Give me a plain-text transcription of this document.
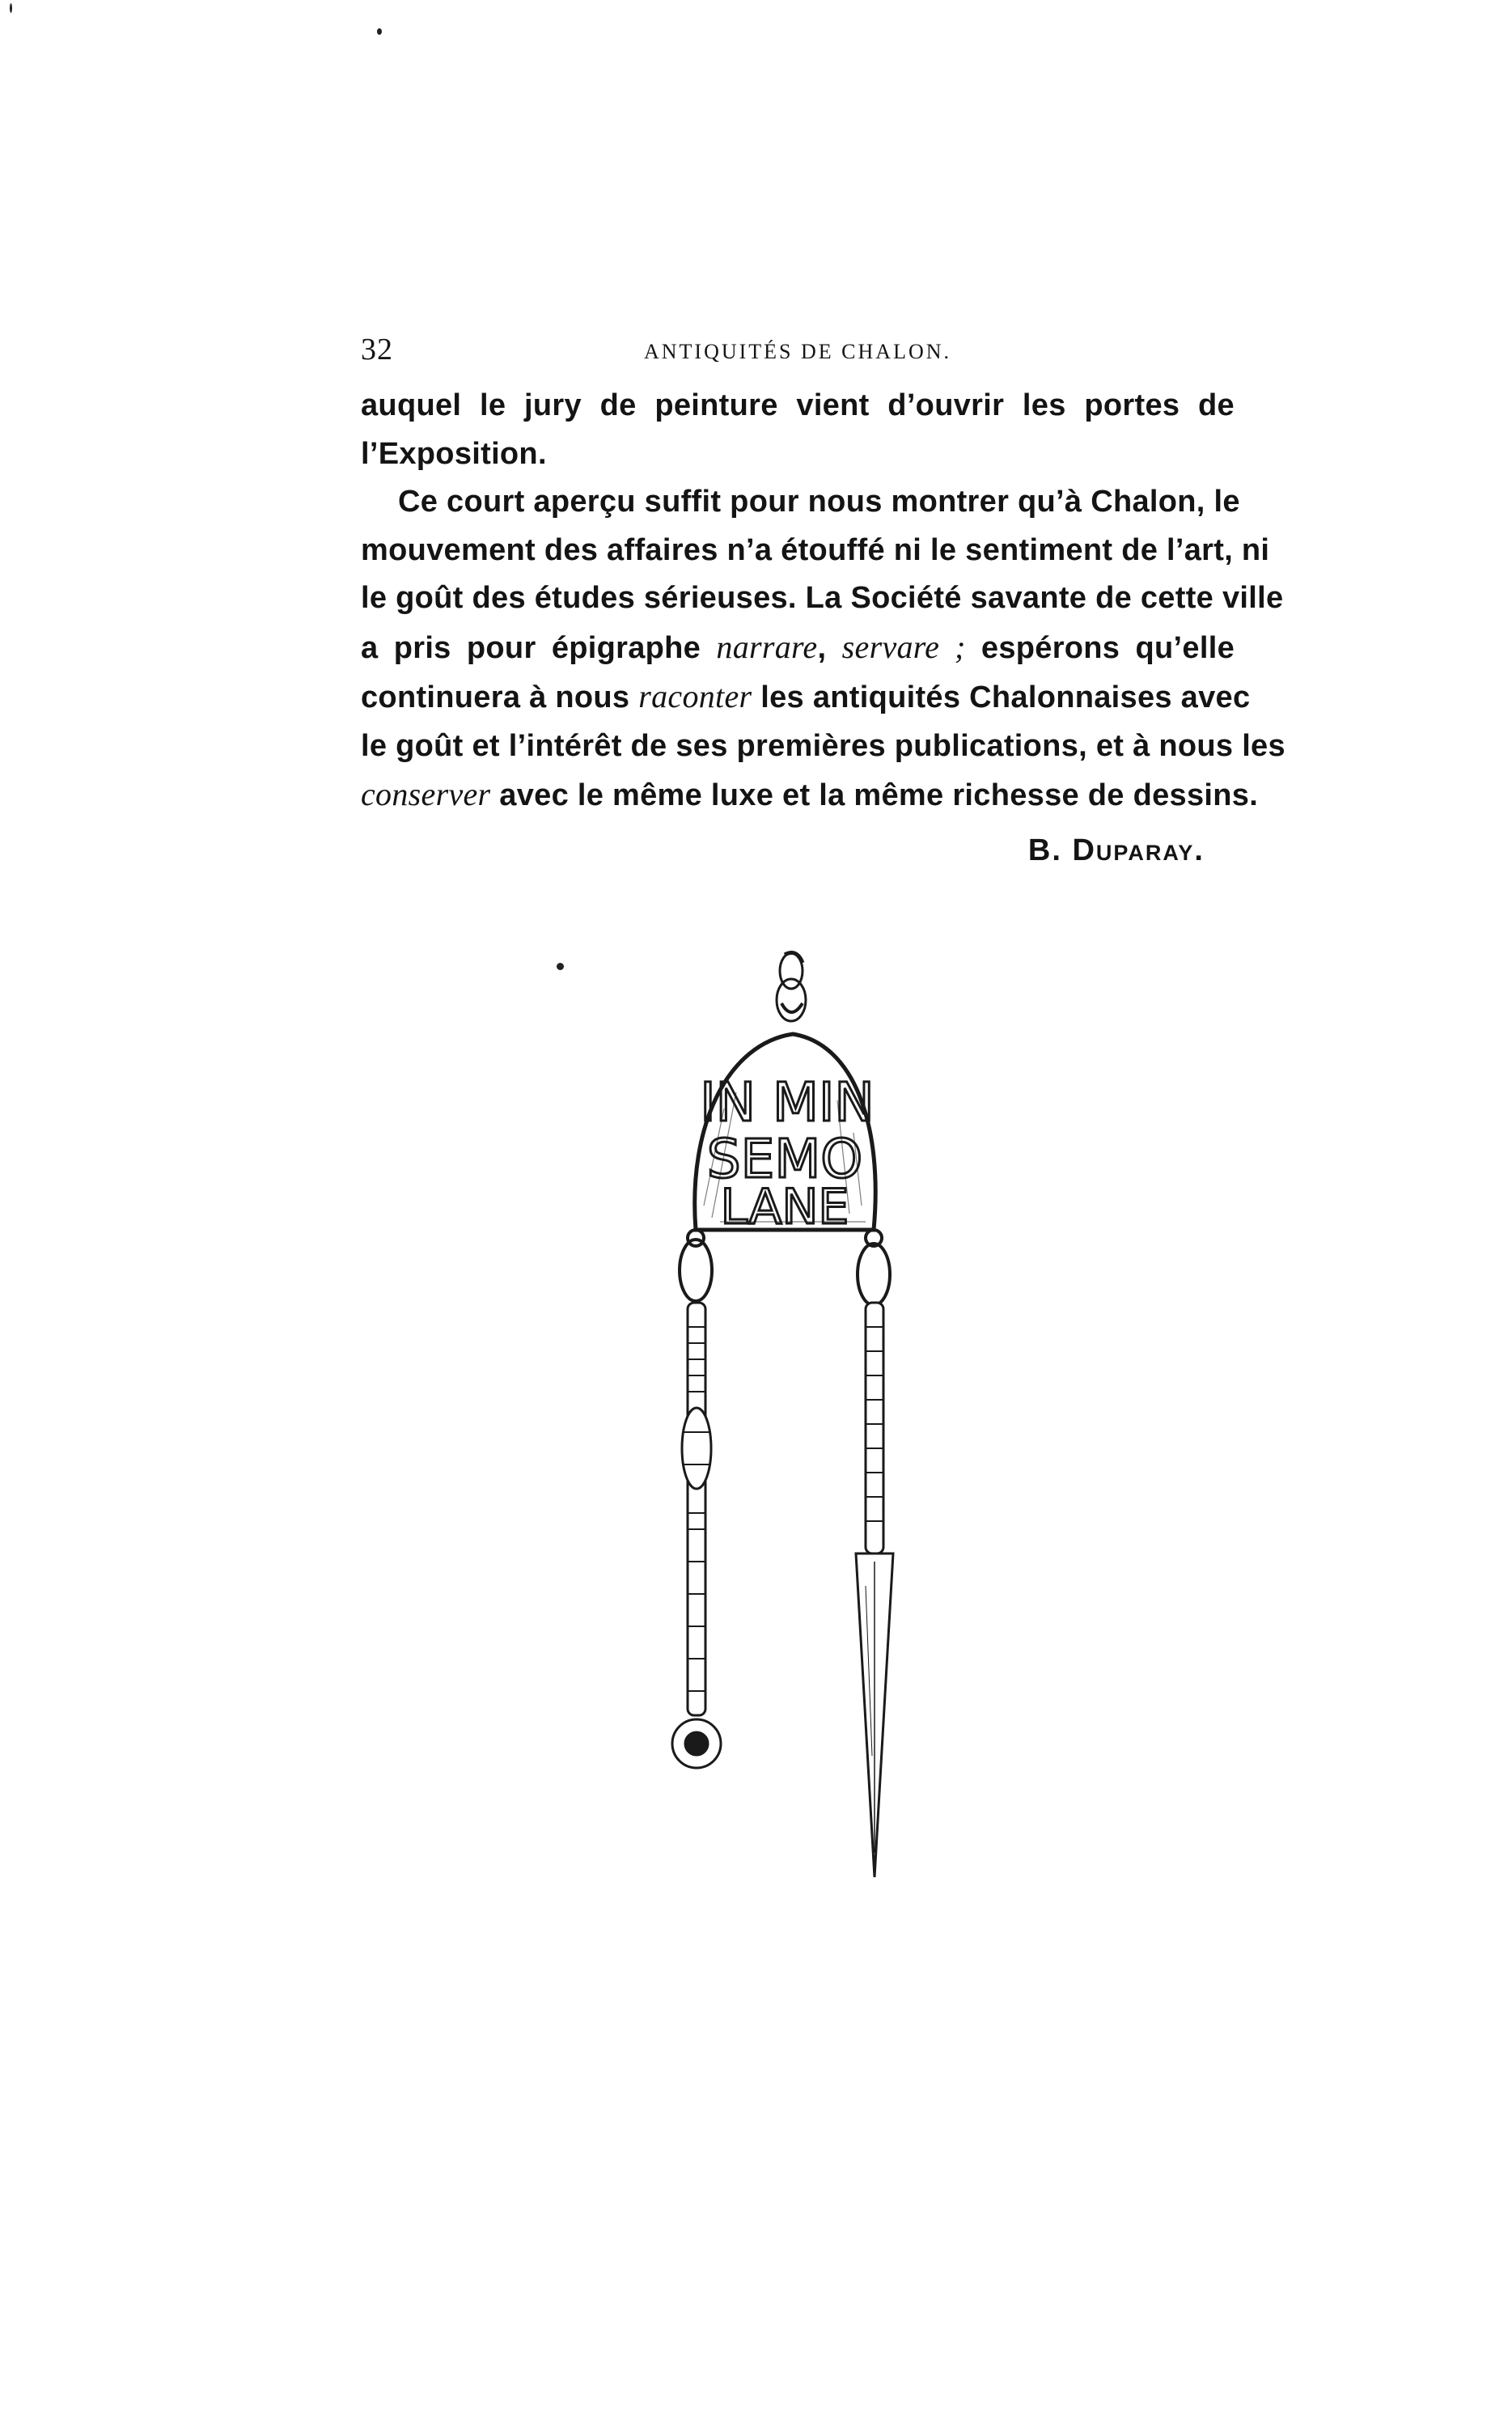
32	ANTIQUITÉS DE CHALON.
auquel le jury de peinture vient d’ouvrir les portes de
l’Exposition.
Ce court aperçu suffit pour nous montrer qu’à Chalon, le
mouvement des affaires n’a étouffé ni le sentiment de l’art, ni
le goût des études sérieuses. La Société savante de cette ville
a pris pour épigraphe narrare, servare ; espérons qu’elle
continuera à nous raconter les antiquités Chalonnaises avec
le goût et l’intérêt de ses premières publications, et à nous les
conserver avec le même luxe et la même richesse de dessins.
B. Duparay.
IN MIN
SEMO
LANE
